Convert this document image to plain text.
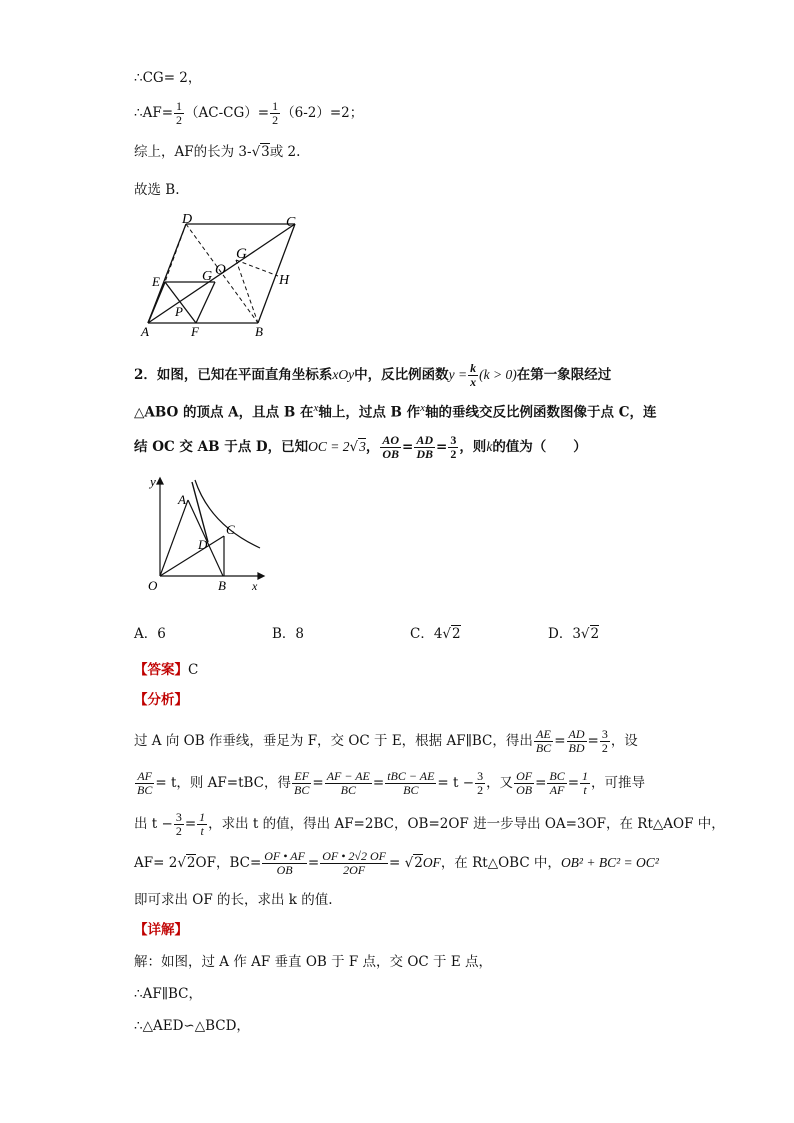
∴CG= 2，
∴AF= $\frac{1}{2} (AC-CG)= \frac{1}{2} (6-2)=2$；
综上，AF的长为 3-√3或 2.
故选 B.
D	C
G
O
G	H
E
P
A	F	B
2．如图，已知在平面直角坐标系xOy中，反比例函数$y = \frac{k}{x} (k > 0)$在第一象限经过
△ABO 的顶点 A，且点 B 在$^x$轴上，过点 B 作$^x$轴的垂线交反比例函数图像于点 C，连
结 OC 交 AB 于点 D，已知OC = 2√3， $\frac{AO}{OB} = \frac{AD}{DB} = \frac{3}{2}$ ，则k的值为（　　）
y
x
O
A
B
C
D
A．6	B．8	C．4√2	D．3√2
【答案】C
【分析】
过 A 向 OB 作垂线，垂足为 F，交 OC 于 E，根据 AF∥BC，得出 $\frac{AE}{BC} = \frac{AD}{BD} = \frac{3}{2}$ ，设
$\frac{AF}{BC} = t$，则 AF=tBC，得 $\frac{EF}{BC} = \frac{AF - AE}{BC} = \frac{\text{tBC − AE}}{BC} = t - \frac{3}{2}$ ，又 $\frac{OF}{OB} = \frac{BC}{AF} = \frac{1}{t}$ ，可推导
出 $t - \frac{3}{2} = \frac{1}{t}$ ，求出 t 的值，得出 AF=2BC，OB=2OF 进一步导出 OA=3OF，在 Rt△AOF 中，
AF= 2√2OF，$BC= \frac{OF • AF}{OB} = \frac{OF • 2√2 OF}{2OF} = √2OF$，在 Rt△OBC 中，OB² + BC² = OC²
即可求出 OF 的长，求出 k 的值.
【详解】
解：如图，过 A 作 AF 垂直 OB 于 F 点，交 OC 于 E 点，
∴AF∥BC，
∴△AED∽△BCD，
